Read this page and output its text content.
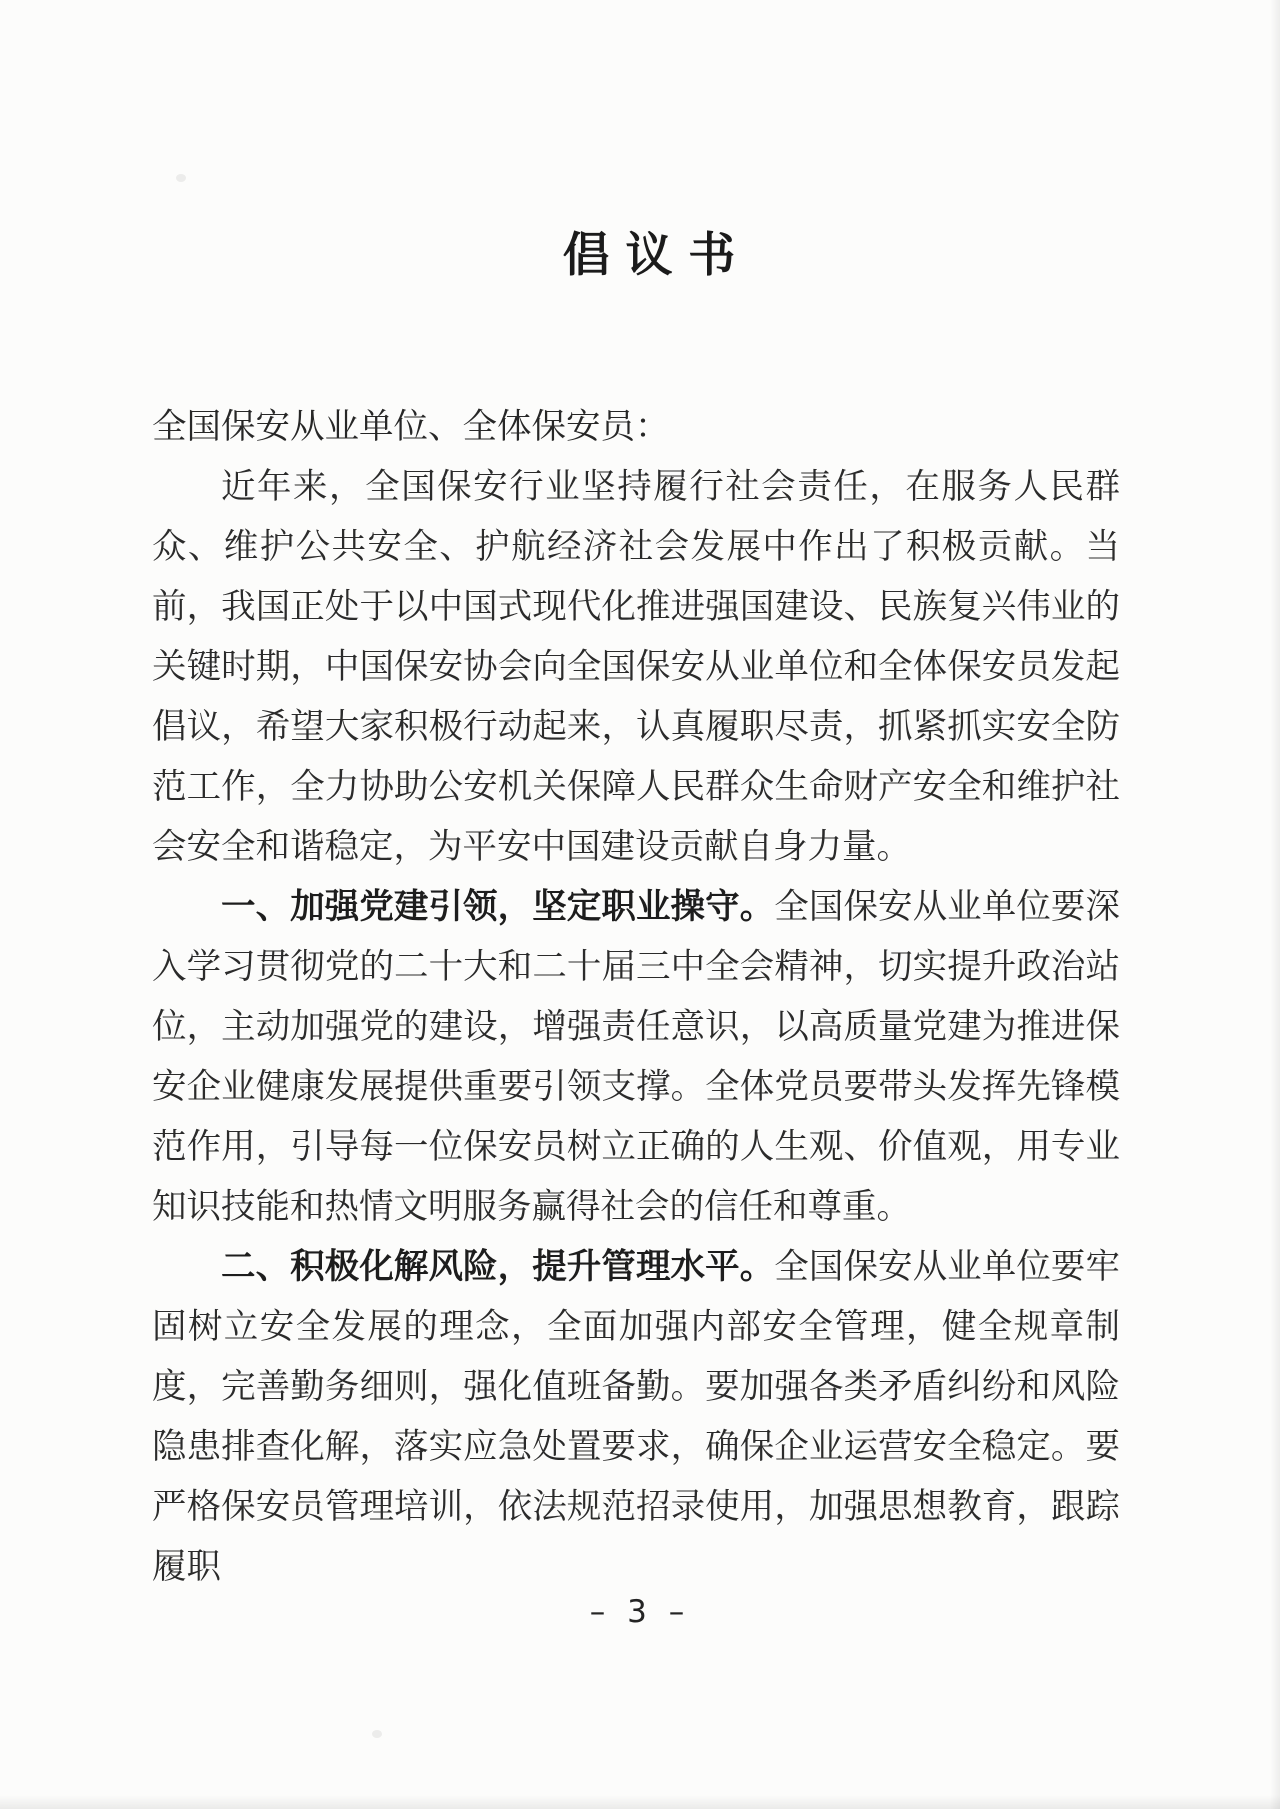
倡 议 书

全国保安从业单位、全体保安员：

近年来，全国保安行业坚持履行社会责任，在服务人民群众、维护公共安全、护航经济社会发展中作出了积极贡献。当前，我国正处于以中国式现代化推进强国建设、民族复兴伟业的关键时期，中国保安协会向全国保安从业单位和全体保安员发起倡议，希望大家积极行动起来，认真履职尽责，抓紧抓实安全防范工作，全力协助公安机关保障人民群众生命财产安全和维护社会安全和谐稳定，为平安中国建设贡献自身力量。

一、加强党建引领，坚定职业操守。全国保安从业单位要深入学习贯彻党的二十大和二十届三中全会精神，切实提升政治站位，主动加强党的建设，增强责任意识，以高质量党建为推进保安企业健康发展提供重要引领支撑。全体党员要带头发挥先锋模范作用，引导每一位保安员树立正确的人生观、价值观，用专业知识技能和热情文明服务赢得社会的信任和尊重。

二、积极化解风险，提升管理水平。全国保安从业单位要牢固树立安全发展的理念，全面加强内部安全管理，健全规章制度，完善勤务细则，强化值班备勤。要加强各类矛盾纠纷和风险隐患排查化解，落实应急处置要求，确保企业运营安全稳定。要严格保安员管理培训，依法规范招录使用，加强思想教育，跟踪履职

– 3 –
